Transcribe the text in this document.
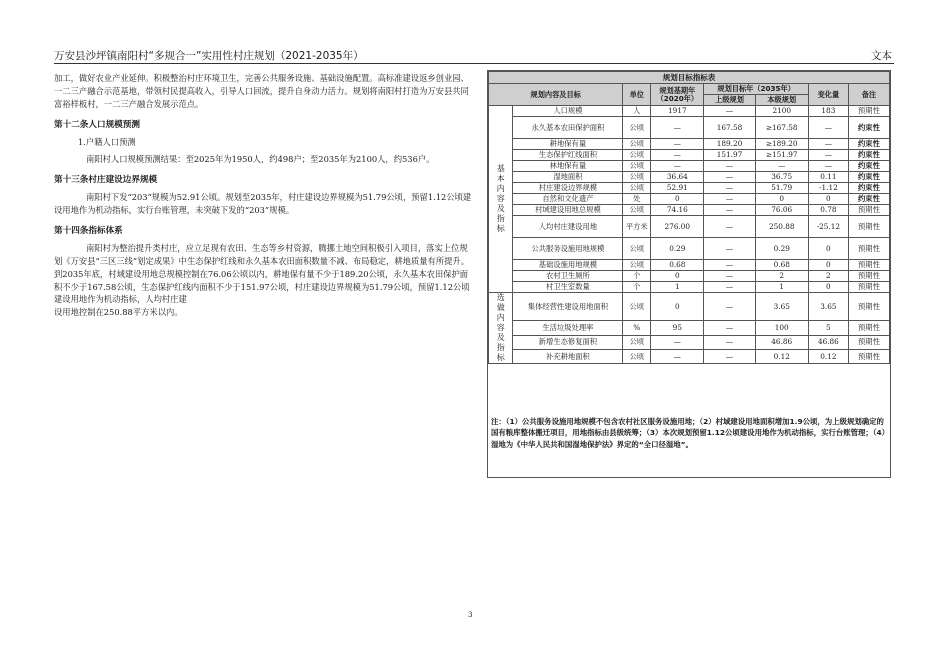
万安县沙坪镇南阳村“多规合一”实用性村庄规划（2021-2035年）	文本

加工，做好农业产业延伸。积极整治村庄环境卫生，完善公共服务设施、基础设施配置。高标准建设返乡创业园、一二三产融合示范基地，带领村民提高收入，引导人口回流，提升自身动力活力。规划将南阳村打造为万安县共同富裕样板村，一二三产融合发展示范点。

第十二条人口规模预测

1.户籍人口预测

南阳村人口规模预测结果：至2025年为1950人，约498户；至2035年为2100人，约536户。

第十三条村庄建设边界规模

南阳村下发“203”规模为52.91公顷。规划至2035年，村庄建设边界规模为51.79公顷，预留1.12公顷建设用地作为机动指标，实行台账管理，未突破下发的“203”规模。

第十四条指标体系

南阳村为整治提升类村庄，应立足现有农田、生态等乡村资源，腾挪土地空间积极引入项目，落实上位规划《万安县“三区三线”划定成果》中生态保护红线和永久基本农田面积数量不减、布局稳定，耕地质量有所提升。到2035年底，村域建设用地总规模控制在76.06公顷以内，耕地保有量不少于189.20公顷，永久基本农田保护面积不少于167.58公顷，生态保护红线内面积不少于151.97公顷，村庄建设边界规模为51.79公顷，预留1.12公顷建设用地作为机动指标，人均村庄建

设用地控制在250.88平方米以内。

规划目标指标表							
规划内容及目标		单位	规划基期年（2020年）	规划目标年（2035年）		变化量	备注
				上级规划	本级规划		
基本内容及指标	人口规模	人	1917	—	2100	183	预期性
	永久基本农田保护面积	公顷	—	167.58	≥167.58	—	约束性
	耕地保有量	公顷	—	189.20	≥189.20	—	约束性
	生态保护红线面积	公顷	—	151.97	≥151.97	—	约束性
	林地保有量	公顷	—	—	—	—	约束性
	湿地面积	公顷	36.64	—	36.75	0.11	约束性
	村庄建设边界规模	公顷	52.91	—	51.79	-1.12	约束性
	自然和文化遗产	处	0	—	0	0	约束性
	村域建设用地总规模	公顷	74.16	—	76.06	0.78	预期性
	人均村庄建设用地	平方米	276.00	—	250.88	-25.12	预期性
	公共服务设施用地规模	公顷	0.29	—	0.29	0	预期性
	基础设施用地规模	公顷	0.68	—	0.68	0	预期性
	农村卫生厕所	个	0	—	2	2	预期性
	村卫生室数量	个	1	—	1	0	预期性
选做内容及指标	集体经营性建设用地面积	公顷	0	—	3.65	3.65	预期性
	生活垃圾处理率	%	95	—	100	5	预期性
	新增生态修复面积	公顷	—	—	46.86	46.86	预期性
	补充耕地面积	公顷	—	—	0.12	0.12	预期性
注：（1）公共服务设施用地规模不包含农村社区服务设施用地；（2）村域建设用地面积增加1.9公顷，为上级规划确定的国有粮库整体搬迁项目，用地指标由县级统筹；（3）本次规划预留1.12公顷建设用地作为机动指标，实行台账管理；（4）湿地为《中华人民共和国湿地保护法》界定的“全口径湿地”。
3
